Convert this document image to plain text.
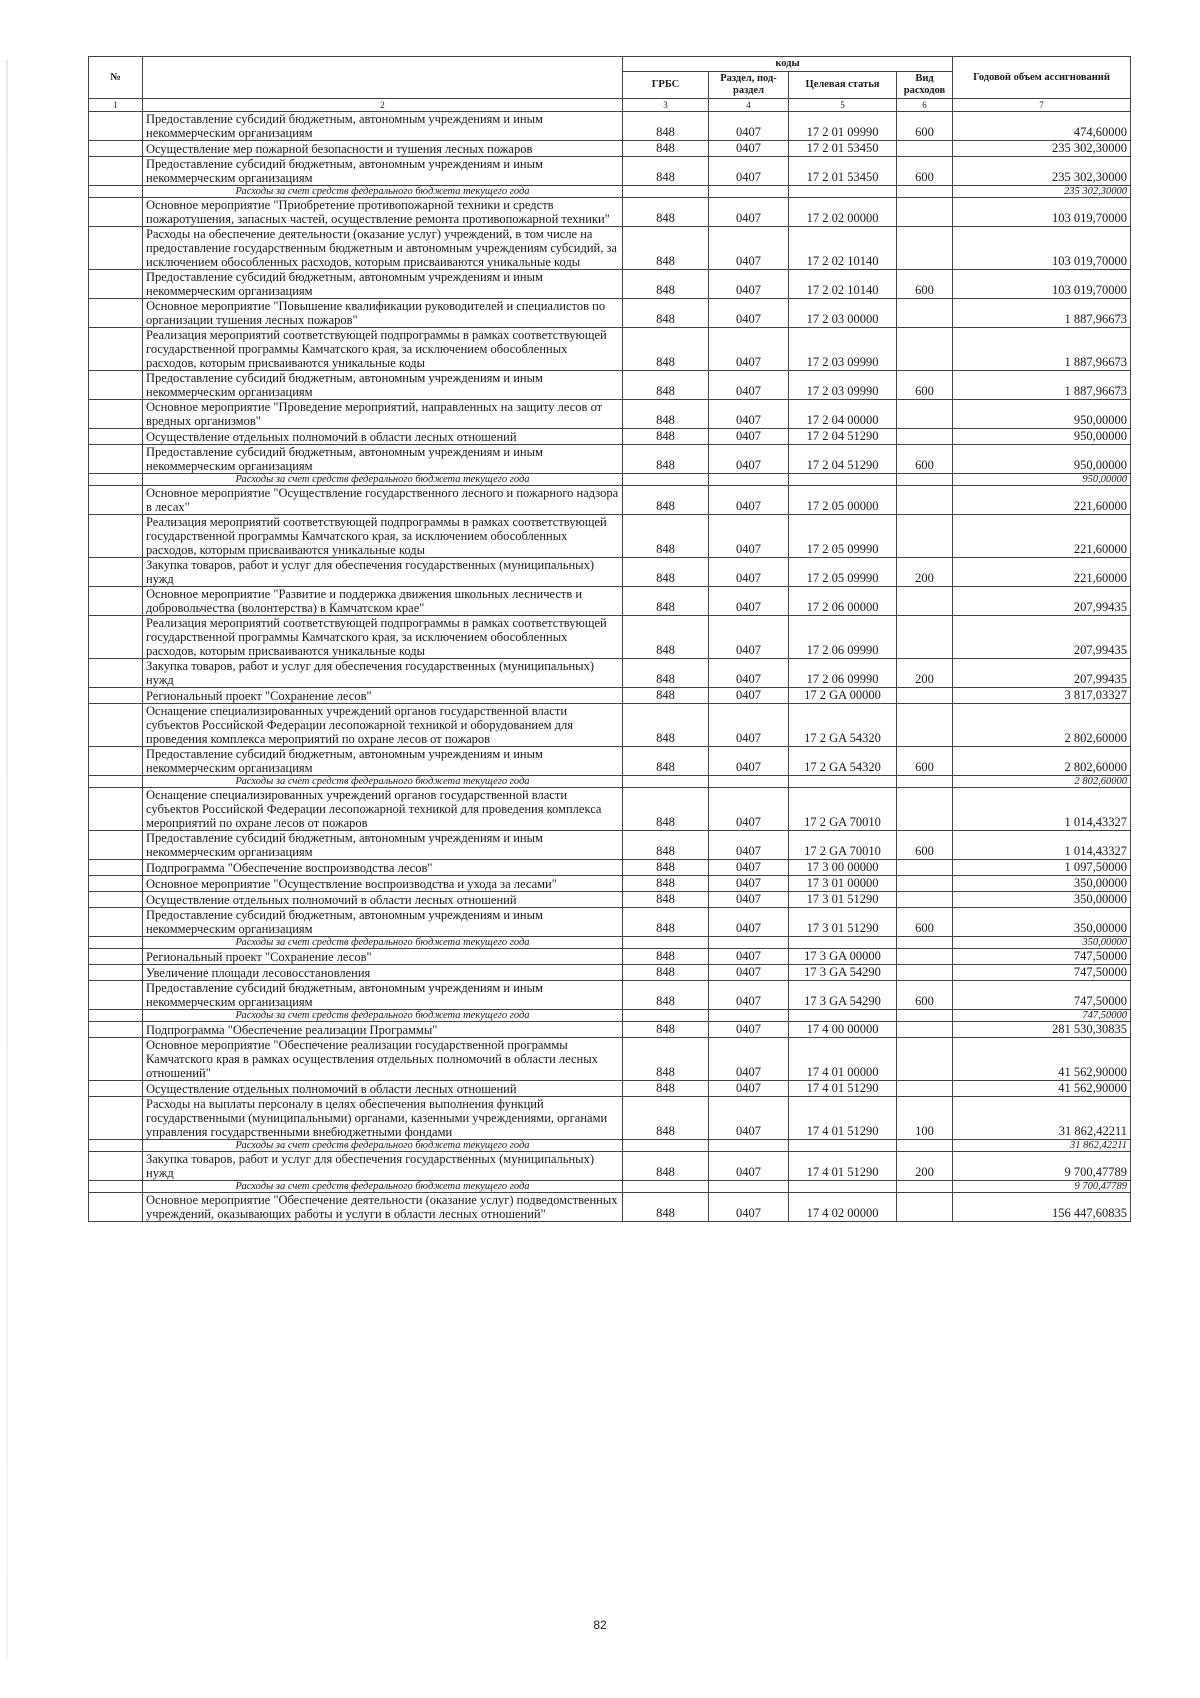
№		коды				Годовой объем ассигнований
		ГРБС	Раздел, под-раздел	Целевая статья	Вид расходов	
1	2	3	4	5	6	7
	Предоставление субсидий бюджетным, автономным учреждениям и иным некоммерческим организациям	848	0407	17 2 01 09990	600	474,60000
	Осуществление мер пожарной безопасности и тушения лесных пожаров	848	0407	17 2 01 53450		235 302,30000
	Предоставление субсидий бюджетным, автономным учреждениям и иным некоммерческим организациям	848	0407	17 2 01 53450	600	235 302,30000
	Расходы за счет средств федерального бюджета текущего года					235 302,30000
	Основное мероприятие "Приобретение противопожарной техники и средств пожаротушения, запасных частей, осуществление ремонта противопожарной техники"	848	0407	17 2 02 00000		103 019,70000
	Расходы на обеспечение деятельности (оказание услуг) учреждений, в том числе на предоставление государственным бюджетным и автономным учреждениям субсидий, за исключением обособленных расходов, которым присваиваются уникальные коды	848	0407	17 2 02 10140		103 019,70000
	Предоставление субсидий бюджетным, автономным учреждениям и иным некоммерческим организациям	848	0407	17 2 02 10140	600	103 019,70000
	Основное мероприятие "Повышение квалификации руководителей и специалистов по организации тушения лесных пожаров"	848	0407	17 2 03 00000		1 887,96673
	Реализация мероприятий соответствующей подпрограммы в рамках соответствующей государственной программы Камчатского края, за исключением обособленных расходов, которым присваиваются уникальные коды	848	0407	17 2 03 09990		1 887,96673
	Предоставление субсидий бюджетным, автономным учреждениям и иным некоммерческим организациям	848	0407	17 2 03 09990	600	1 887,96673
	Основное мероприятие "Проведение мероприятий, направленных на защиту лесов от вредных организмов"	848	0407	17 2 04 00000		950,00000
	Осуществление отдельных полномочий в области лесных отношений	848	0407	17 2 04 51290		950,00000
	Предоставление субсидий бюджетным, автономным учреждениям и иным некоммерческим организациям	848	0407	17 2 04 51290	600	950,00000
	Расходы за счет средств федерального бюджета текущего года					950,00000
	Основное мероприятие "Осуществление государственного лесного и пожарного надзора в лесах"	848	0407	17 2 05 00000		221,60000
	Реализация мероприятий соответствующей подпрограммы в рамках соответствующей государственной программы Камчатского края, за исключением обособленных расходов, которым присваиваются уникальные коды	848	0407	17 2 05 09990		221,60000
	Закупка товаров, работ и услуг для обеспечения государственных (муниципальных) нужд	848	0407	17 2 05 09990	200	221,60000
	Основное мероприятие "Развитие и поддержка движения школьных лесничеств и добровольчества (волонтерства) в Камчатском крае"	848	0407	17 2 06 00000		207,99435
	Реализация мероприятий соответствующей подпрограммы в рамках соответствующей государственной программы Камчатского края, за исключением обособленных расходов, которым присваиваются уникальные коды	848	0407	17 2 06 09990		207,99435
	Закупка товаров, работ и услуг для обеспечения государственных (муниципальных) нужд	848	0407	17 2 06 09990	200	207,99435
	Региональный проект "Сохранение лесов"	848	0407	17 2 GA 00000		3 817,03327
	Оснащение специализированных учреждений органов государственной власти субъектов Российской Федерации лесопожарной техникой и оборудованием для проведения комплекса мероприятий по охране лесов от пожаров	848	0407	17 2 GA 54320		2 802,60000
	Предоставление субсидий бюджетным, автономным учреждениям и иным некоммерческим организациям	848	0407	17 2 GA 54320	600	2 802,60000
	Расходы за счет средств федерального бюджета текущего года					2 802,60000
	Оснащение специализированных учреждений органов государственной власти субъектов Российской Федерации лесопожарной техникой для проведения комплекса мероприятий по охране лесов от пожаров	848	0407	17 2 GA 70010		1 014,43327
	Предоставление субсидий бюджетным, автономным учреждениям и иным некоммерческим организациям	848	0407	17 2 GA 70010	600	1 014,43327
	Подпрограмма "Обеспечение воспроизводства лесов"	848	0407	17 3 00 00000		1 097,50000
	Основное мероприятие "Осуществление воспроизводства и ухода за лесами"	848	0407	17 3 01 00000		350,00000
	Осуществление отдельных полномочий в области лесных отношений	848	0407	17 3 01 51290		350,00000
	Предоставление субсидий бюджетным, автономным учреждениям и иным некоммерческим организациям	848	0407	17 3 01 51290	600	350,00000
	Расходы за счет средств федерального бюджета текущего года					350,00000
	Региональный проект "Сохранение лесов"	848	0407	17 3 GA 00000		747,50000
	Увеличение площади лесовосстановления	848	0407	17 3 GA 54290		747,50000
	Предоставление субсидий бюджетным, автономным учреждениям и иным некоммерческим организациям	848	0407	17 3 GA 54290	600	747,50000
	Расходы за счет средств федерального бюджета текущего года					747,50000
	Подпрограмма "Обеспечение реализации Программы"	848	0407	17 4 00 00000		281 530,30835
	Основное мероприятие "Обеспечение реализации государственной программы Камчатского края в рамках осуществления отдельных полномочий в области лесных отношений"	848	0407	17 4 01 00000		41 562,90000
	Осуществление отдельных полномочий в области лесных отношений	848	0407	17 4 01 51290		41 562,90000
	Расходы на выплаты персоналу в целях обеспечения выполнения функций государственными (муниципальными) органами, казенными учреждениями, органами управления государственными внебюджетными фондами	848	0407	17 4 01 51290	100	31 862,42211
	Расходы за счет средств федерального бюджета текущего года					31 862,42211
	Закупка товаров, работ и услуг для обеспечения государственных (муниципальных) нужд	848	0407	17 4 01 51290	200	9 700,47789
	Расходы за счет средств федерального бюджета текущего года					9 700,47789
	Основное мероприятие "Обеспечение деятельности (оказание услуг) подведомственных учреждений, оказывающих работы и услуги в области лесных отношений"	848	0407	17 4 02 00000		156 447,60835
82
